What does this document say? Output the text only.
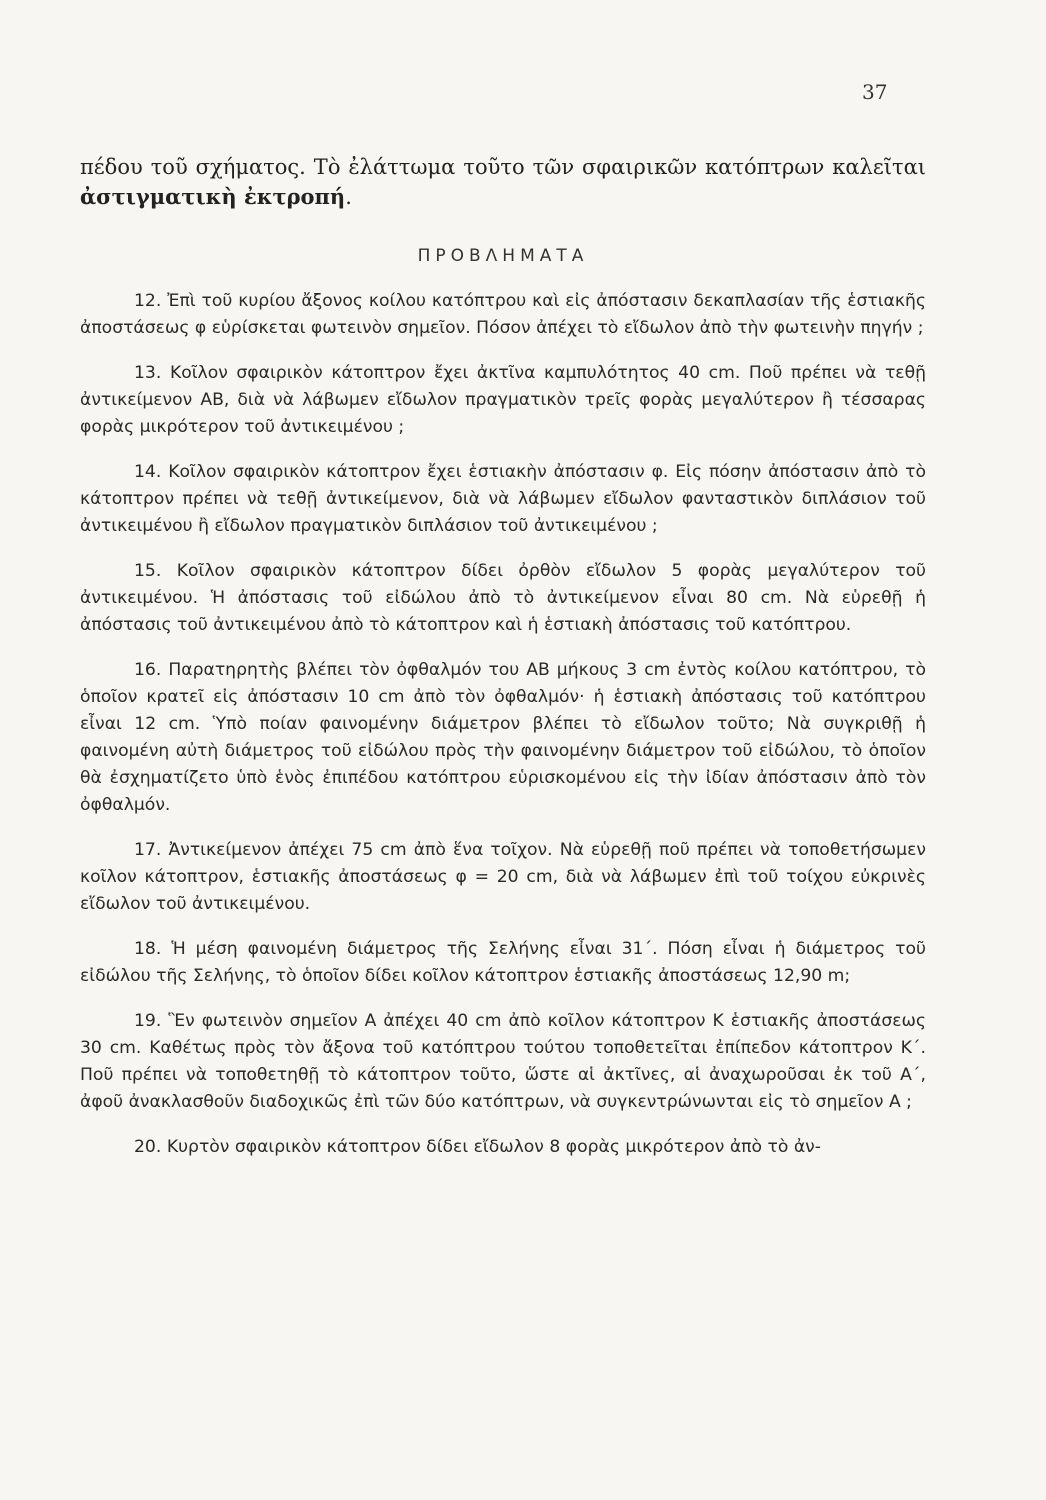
37

πέδου τοῦ σχήματος. Τὸ ἐλάττωμα τοῦτο τῶν σφαιρικῶν κατόπτρων καλεῖται ἀστιγματικὴ ἐκτροπή.

ΠΡΟΒΛΗΜΑΤΑ

12. Ἐπὶ τοῦ κυρίου ἄξονος κοίλου κατόπτρου καὶ εἰς ἀπόστασιν δεκαπλασίαν τῆς ἑστιακῆς ἀποστάσεως φ εὑρίσκεται φωτεινὸν σημεῖον. Πόσον ἀπέχει τὸ εἴδωλον ἀπὸ τὴν φωτεινὴν πηγήν ;

13. Κοῖλον σφαιρικὸν κάτοπτρον ἔχει ἀκτῖνα καμπυλότητος 40 cm. Ποῦ πρέπει νὰ τεθῇ ἀντικείμενον ΑΒ, διὰ νὰ λάβωμεν εἴδωλον πραγματικὸν τρεῖς φορὰς μεγαλύτερον ἢ τέσσαρας φορὰς μικρότερον τοῦ ἀντικειμένου ;

14. Κοῖλον σφαιρικὸν κάτοπτρον ἔχει ἑστιακὴν ἀπόστασιν φ. Εἰς πόσην ἀπόστασιν ἀπὸ τὸ κάτοπτρον πρέπει νὰ τεθῇ ἀντικείμενον, διὰ νὰ λάβωμεν εἴδωλον φανταστικὸν διπλάσιον τοῦ ἀντικειμένου ἢ εἴδωλον πραγματικὸν διπλάσιον τοῦ ἀντικειμένου ;

15. Κοῖλον σφαιρικὸν κάτοπτρον δίδει ὀρθὸν εἴδωλον 5 φορὰς μεγαλύτερον τοῦ ἀντικειμένου. Ἡ ἀπόστασις τοῦ εἰδώλου ἀπὸ τὸ ἀντικείμενον εἶναι 80 cm. Νὰ εὑρεθῇ ἡ ἀπόστασις τοῦ ἀντικειμένου ἀπὸ τὸ κάτοπτρον καὶ ἡ ἑστιακὴ ἀπόστασις τοῦ κατόπτρου.

16. Παρατηρητὴς βλέπει τὸν ὀφθαλμόν του ΑΒ μήκους 3 cm ἐντὸς κοίλου κατόπτρου, τὸ ὁποῖον κρατεῖ εἰς ἀπόστασιν 10 cm ἀπὸ τὸν ὀφθαλμόν· ἡ ἑστιακὴ ἀπόστασις τοῦ κατόπτρου εἶναι 12 cm. Ὑπὸ ποίαν φαινομένην διάμετρον βλέπει τὸ εἴδωλον τοῦτο; Νὰ συγκριθῇ ἡ φαινομένη αὐτὴ διάμετρος τοῦ εἰδώλου πρὸς τὴν φαινομένην διάμετρον τοῦ εἰδώλου, τὸ ὁποῖον θὰ ἐσχηματίζετο ὑπὸ ἑνὸς ἐπιπέδου κατόπτρου εὑρισκομένου εἰς τὴν ἰδίαν ἀπόστασιν ἀπὸ τὸν ὀφθαλμόν.

17. Ἀντικείμενον ἀπέχει 75 cm ἀπὸ ἕνα τοῖχον. Νὰ εὑρεθῇ ποῦ πρέπει νὰ τοποθετήσωμεν κοῖλον κάτοπτρον, ἑστιακῆς ἀποστάσεως φ = 20 cm, διὰ νὰ λάβωμεν ἐπὶ τοῦ τοίχου εὐκρινὲς εἴδωλον τοῦ ἀντικειμένου.

18. Ἡ μέση φαινομένη διάμετρος τῆς Σελήνης εἶναι 31΄. Πόση εἶναι ἡ διάμετρος τοῦ εἰδώλου τῆς Σελήνης, τὸ ὁποῖον δίδει κοῖλον κάτοπτρον ἑστιακῆς ἀποστάσεως 12,90 m;

19. Ἓν φωτεινὸν σημεῖον Α ἀπέχει 40 cm ἀπὸ κοῖλον κάτοπτρον Κ ἑστιακῆς ἀποστάσεως 30 cm. Καθέτως πρὸς τὸν ἄξονα τοῦ κατόπτρου τούτου τοποθετεῖται ἐπίπεδον κάτοπτρον Κ΄. Ποῦ πρέπει νὰ τοποθετηθῇ τὸ κάτοπτρον τοῦτο, ὥστε αἱ ἀκτῖνες, αἱ ἀναχωροῦσαι ἐκ τοῦ Α΄, ἀφοῦ ἀνακλασθοῦν διαδοχικῶς ἐπὶ τῶν δύο κατόπτρων, νὰ συγκεντρώνωνται εἰς τὸ σημεῖον Α ;

20. Κυρτὸν σφαιρικὸν κάτοπτρον δίδει εἴδωλον 8 φορὰς μικρότερον ἀπὸ τὸ ἀν-
